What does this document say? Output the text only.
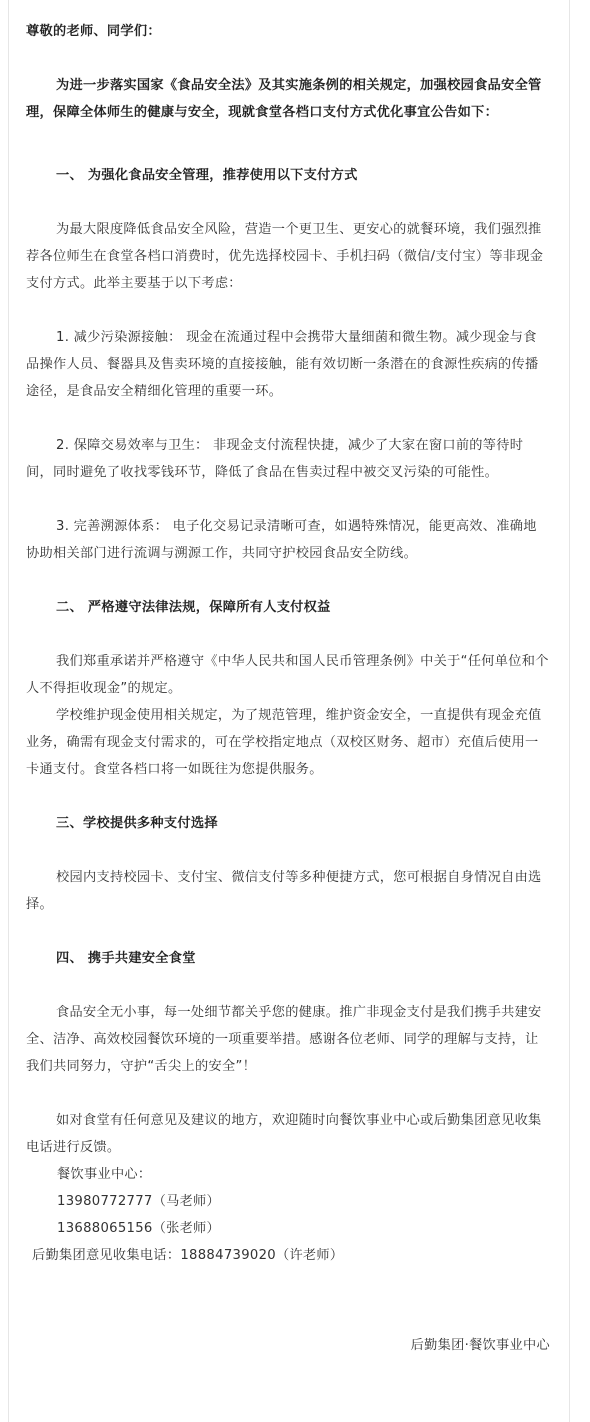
尊敬的老师、同学们：

为进一步落实国家《食品安全法》及其实施条例的相关规定，加强校园食品安全管理，保障全体师生的健康与安全，现就食堂各档口支付方式优化事宜公告如下：

一、 为强化食品安全管理，推荐使用以下支付方式

为最大限度降低食品安全风险，营造一个更卫生、更安心的就餐环境，我们强烈推荐各位师生在食堂各档口消费时，优先选择校园卡、手机扫码（微信/支付宝）等非现金支付方式。此举主要基于以下考虑：

1. 减少污染源接触： 现金在流通过程中会携带大量细菌和微生物。减少现金与食品操作人员、餐器具及售卖环境的直接接触，能有效切断一条潜在的食源性疾病的传播途径，是食品安全精细化管理的重要一环。

2. 保障交易效率与卫生： 非现金支付流程快捷，减少了大家在窗口前的等待时间，同时避免了收找零钱环节，降低了食品在售卖过程中被交叉污染的可能性。

3. 完善溯源体系： 电子化交易记录清晰可查，如遇特殊情况，能更高效、准确地协助相关部门进行流调与溯源工作，共同守护校园食品安全防线。

二、 严格遵守法律法规，保障所有人支付权益

我们郑重承诺并严格遵守《中华人民共和国人民币管理条例》中关于“任何单位和个人不得拒收现金”的规定。

学校维护现金使用相关规定，为了规范管理，维护资金安全，一直提供有现金充值业务，确需有现金支付需求的，可在学校指定地点（双校区财务、超市）充值后使用一卡通支付。食堂各档口将一如既往为您提供服务。

三、学校提供多种支付选择

校园内支持校园卡、支付宝、微信支付等多种便捷方式，您可根据自身情况自由选择。

四、 携手共建安全食堂

食品安全无小事，每一处细节都关乎您的健康。推广非现金支付是我们携手共建安全、洁净、高效校园餐饮环境的一项重要举措。感谢各位老师、同学的理解与支持，让我们共同努力，守护“舌尖上的安全”！

如对食堂有任何意见及建议的地方，欢迎随时向餐饮事业中心或后勤集团意见收集电话进行反馈。

餐饮事业中心：

13980772777（马老师）

13688065156（张老师）

后勤集团意见收集电话：18884739020（许老师）

后勤集团·餐饮事业中心
